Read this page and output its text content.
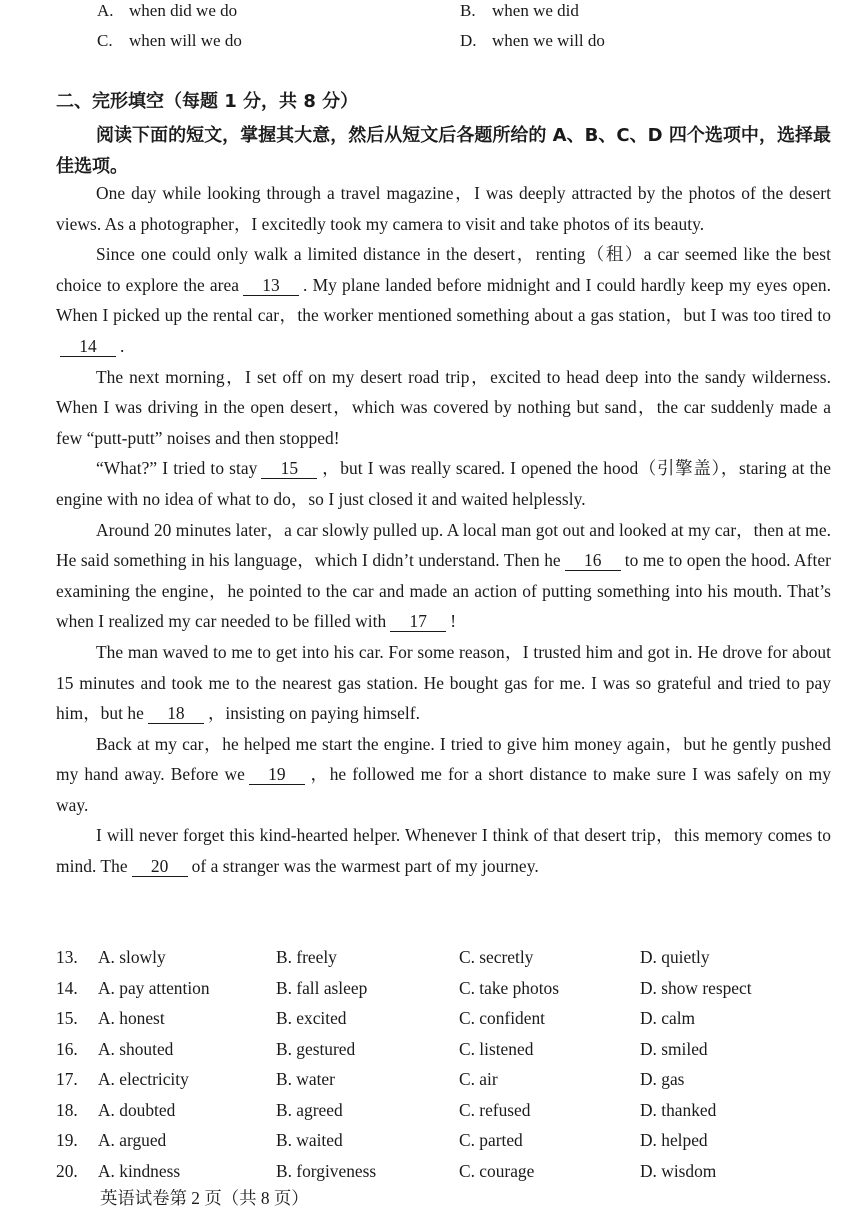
A. when did we do	B. when we did
C. when will we do	D. when we will do
二、完形填空（每题 1 分，共 8 分）
阅读下面的短文，掌握其大意，然后从短文后各题所给的 A、B、C、D 四个选项中，选择最佳选项。

One day while looking through a travel magazine，I was deeply attracted by the photos of the desert views. As a photographer，I excitedly took my camera to visit and take photos of its beauty.

Since one could only walk a limited distance in the desert，renting（租）a car seemed like the best choice to explore the area 13 . My plane landed before midnight and I could hardly keep my eyes open. When I picked up the rental car，the worker mentioned something about a gas station，but I was too tired to14 .

The next morning，I set off on my desert road trip，excited to head deep into the sandy wilderness. When I was driving in the open desert，which was covered by nothing but sand，the car suddenly made a few “putt-putt” noises and then stopped!

“What?” I tried to stay 15 ，but I was really scared. I opened the hood（引擎盖），staring at the engine with no idea of what to do，so I just closed it and waited helplessly.

Around 20 minutes later，a car slowly pulled up. A local man got out and looked at my car，then at me. He said something in his language，which I didn’t understand. Then he 16 to me to open the hood. After examining the engine，he pointed to the car and made an action of putting something into his mouth. That’s when I realized my car needed to be filled with 17 !

The man waved to me to get into his car. For some reason，I trusted him and got in. He drove for about 15 minutes and took me to the nearest gas station. He bought gas for me. I was so grateful and tried to pay him，but he 18 ，insisting on paying himself.

Back at my car，he helped me start the engine. I tried to give him money again，but he gently pushed my hand away. Before we 19 ，he followed me for a short distance to make sure I was safely on my way.

I will never forget this kind-hearted helper. Whenever I think of that desert trip，this memory comes to mind. The 20 of a stranger was the warmest part of my journey.

13. A. slowly	B. freely	C. secretly	D. quietly
14. A. pay attention	B. fall asleep	C. take photos	D. show respect
15. A. honest	B. excited	C. confident	D. calm
16. A. shouted	B. gestured	C. listened	D. smiled
17. A. electricity	B. water	C. air	D. gas
18. A. doubted	B. agreed	C. refused	D. thanked
19. A. argued	B. waited	C. parted	D. helped
20. A. kindness	B. forgiveness	C. courage	D. wisdom
英语试卷第 2 页（共 8 页）
